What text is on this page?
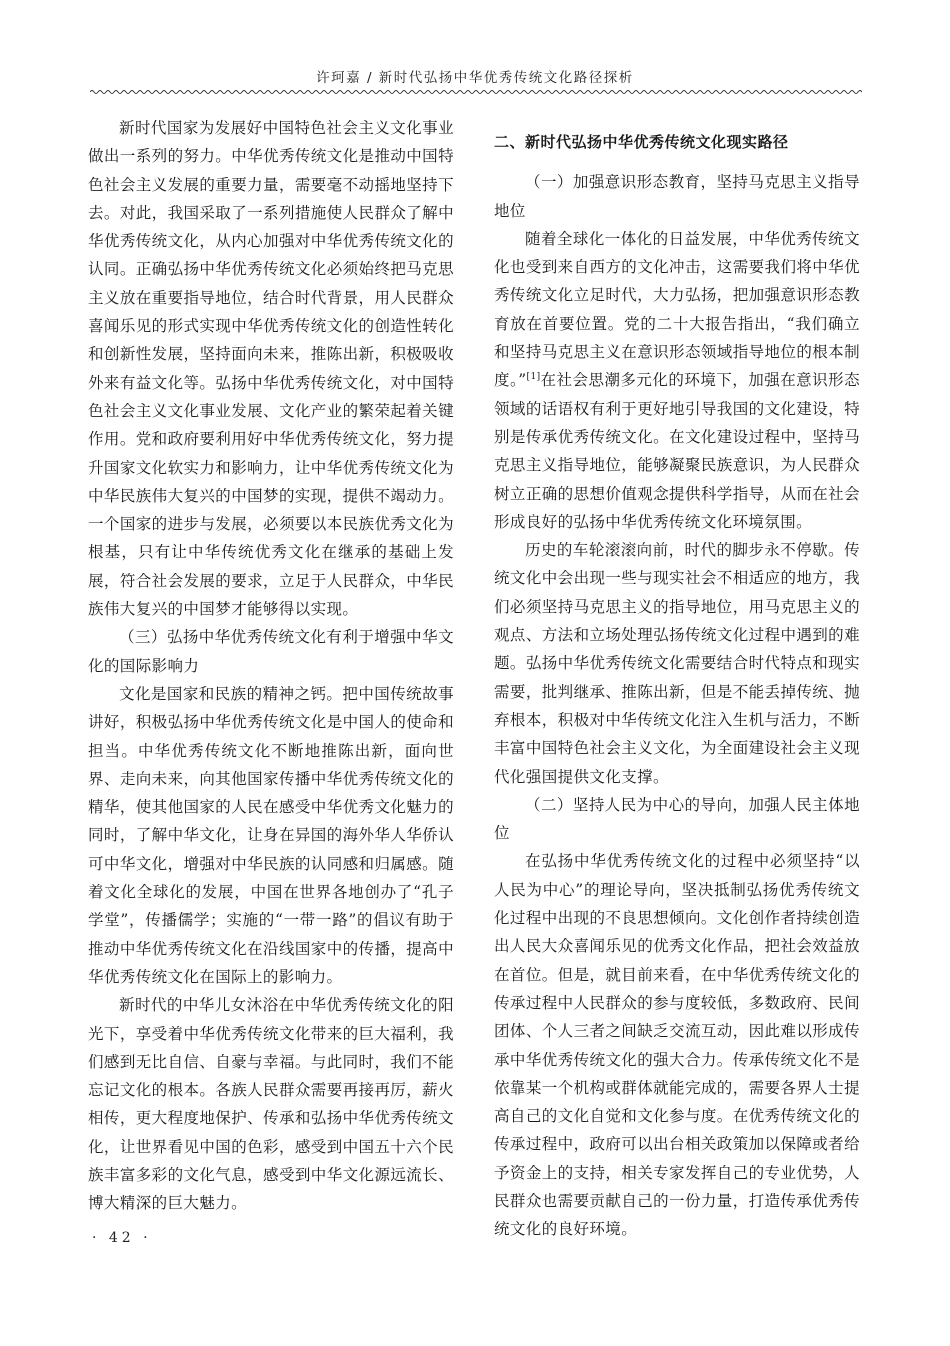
许珂嘉 / 新时代弘扬中华优秀传统文化路径探析

新时代国家为发展好中国特色社会主义文化事业做出一系列的努力。中华优秀传统文化是推动中国特色社会主义发展的重要力量，需要毫不动摇地坚持下去。对此，我国采取了一系列措施使人民群众了解中华优秀传统文化，从内心加强对中华优秀传统文化的认同。正确弘扬中华优秀传统文化必须始终把马克思主义放在重要指导地位，结合时代背景，用人民群众喜闻乐见的形式实现中华优秀传统文化的创造性转化和创新性发展，坚持面向未来，推陈出新，积极吸收外来有益文化等。弘扬中华优秀传统文化，对中国特色社会主义文化事业发展、文化产业的繁荣起着关键作用。党和政府要利用好中华优秀传统文化，努力提升国家文化软实力和影响力，让中华优秀传统文化为中华民族伟大复兴的中国梦的实现，提供不竭动力。一个国家的进步与发展，必须要以本民族优秀文化为根基，只有让中华传统优秀文化在继承的基础上发展，符合社会发展的要求，立足于人民群众，中华民族伟大复兴的中国梦才能够得以实现。

（三）弘扬中华优秀传统文化有利于增强中华文化的国际影响力

文化是国家和民族的精神之钙。把中国传统故事讲好，积极弘扬中华优秀传统文化是中国人的使命和担当。中华优秀传统文化不断地推陈出新，面向世界、走向未来，向其他国家传播中华优秀传统文化的精华，使其他国家的人民在感受中华优秀文化魅力的同时，了解中华文化，让身在异国的海外华人华侨认可中华文化，增强对中华民族的认同感和归属感。随着文化全球化的发展，中国在世界各地创办了“孔子学堂”，传播儒学；实施的“一带一路”的倡议有助于推动中华优秀传统文化在沿线国家中的传播，提高中华优秀传统文化在国际上的影响力。

新时代的中华儿女沐浴在中华优秀传统文化的阳光下，享受着中华优秀传统文化带来的巨大福利，我们感到无比自信、自豪与幸福。与此同时，我们不能忘记文化的根本。各族人民群众需要再接再厉，薪火相传，更大程度地保护、传承和弘扬中华优秀传统文化，让世界看见中国的色彩，感受到中国五十六个民族丰富多彩的文化气息，感受到中华文化源远流长、博大精深的巨大魅力。

二、新时代弘扬中华优秀传统文化现实路径

（一）加强意识形态教育，坚持马克思主义指导地位

随着全球化一体化的日益发展，中华优秀传统文化也受到来自西方的文化冲击，这需要我们将中华优秀传统文化立足时代，大力弘扬，把加强意识形态教育放在首要位置。党的二十大报告指出，“我们确立和坚持马克思主义在意识形态领域指导地位的根本制度。”[1]在社会思潮多元化的环境下，加强在意识形态领域的话语权有利于更好地引导我国的文化建设，特别是传承优秀传统文化。在文化建设过程中，坚持马克思主义指导地位，能够凝聚民族意识，为人民群众树立正确的思想价值观念提供科学指导，从而在社会形成良好的弘扬中华优秀传统文化环境氛围。

历史的车轮滚滚向前，时代的脚步永不停歇。传统文化中会出现一些与现实社会不相适应的地方，我们必须坚持马克思主义的指导地位，用马克思主义的观点、方法和立场处理弘扬传统文化过程中遇到的难题。弘扬中华优秀传统文化需要结合时代特点和现实需要，批判继承、推陈出新，但是不能丢掉传统、抛弃根本，积极对中华传统文化注入生机与活力，不断丰富中国特色社会主义文化，为全面建设社会主义现代化强国提供文化支撑。

（二）坚持人民为中心的导向，加强人民主体地位

在弘扬中华优秀传统文化的过程中必须坚持“以人民为中心”的理论导向，坚决抵制弘扬优秀传统文化过程中出现的不良思想倾向。文化创作者持续创造出人民大众喜闻乐见的优秀文化作品，把社会效益放在首位。但是，就目前来看，在中华优秀传统文化的传承过程中人民群众的参与度较低，多数政府、民间团体、个人三者之间缺乏交流互动，因此难以形成传承中华优秀传统文化的强大合力。传承传统文化不是依靠某一个机构或群体就能完成的，需要各界人士提高自己的文化自觉和文化参与度。在优秀传统文化的传承过程中，政府可以出台相关政策加以保障或者给予资金上的支持，相关专家发挥自己的专业优势，人民群众也需要贡献自己的一份力量，打造传承优秀传统文化的良好环境。

· 42 ·
